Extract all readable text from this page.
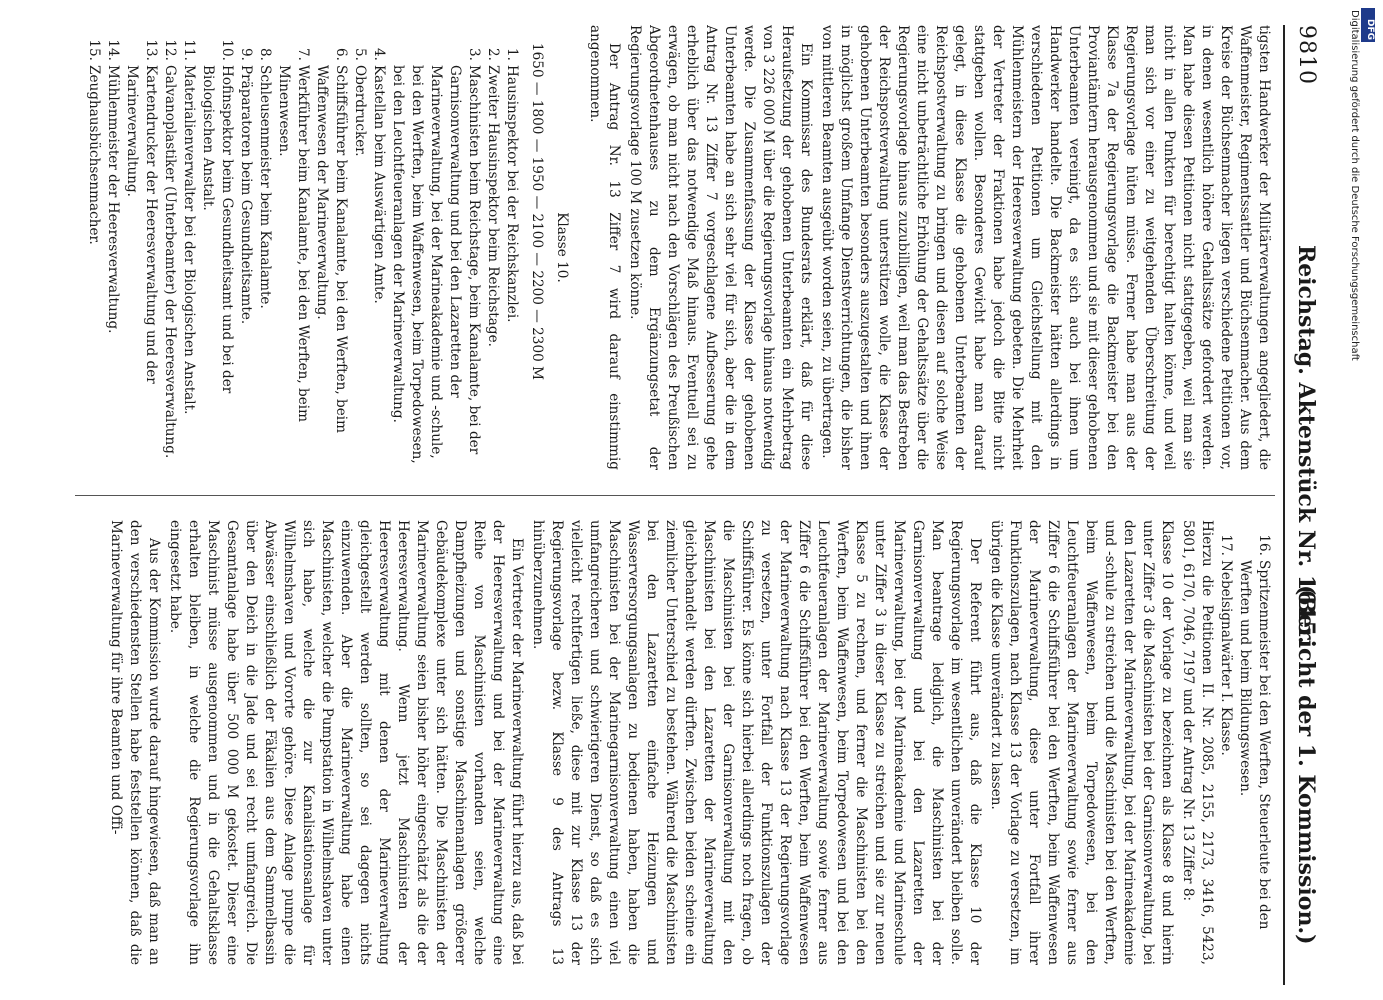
9810
Reichstag. Aktenstück Nr. 1615.
(Bericht der 1. Kommission.)

tigsten Handwerker der Militärverwaltungen angegliedert, die Waffenmeister, Regimentssattler und Büchsenmacher. Aus dem Kreise der Büchsenmacher liegen verschiedene Petitionen vor, in denen wesentlich höhere Gehaltssätze gefordert werden. Man habe diesen Petitionen nicht stattgegeben, weil man sie nicht in allen Punkten für berechtigt halten könne, und weil man sich vor einer zu weitgehenden Überschreitung der Regierungsvorlage hüten müsse. Ferner habe man aus der Klasse 7a der Regierungsvorlage die Backmeister bei den Proviantämtern herausgenommen und sie mit dieser gehobenen Unterbeamten vereinigt, da es sich auch bei ihnen um Handwerker handelte. Die Backmeister hätten allerdings in verschiedenen Petitionen um Gleichstellung mit den Mühlenmeistern der Heeresverwaltung gebeten. Die Mehrheit der Vertreter der Fraktionen habe jedoch die Bitte nicht stattgeben wollen. Besonderes Gewicht habe man darauf gelegt, in diese Klasse die gehobenen Unterbeamten der Reichspostverwaltung zu bringen und diesen auf solche Weise eine nicht unbeträchtliche Erhöhung der Gehaltssätze über die Regierungsvorlage hinaus zuzubilligen, weil man das Bestreben der Reichspostverwaltung unterstützen wolle, die Klasse der gehobenen Unterbeamten besonders auszugestalten und ihnen in möglichst großem Umfange Dienstverrichtungen, die bisher von mittleren Beamten ausgeübt worden seien, zu übertragen.

Ein Kommissar des Bundesrats erklärt, daß für diese Heraufsetzung der gehobenen Unterbeamten ein Mehrbetrag von 3 226 000 M über die Regierungsvorlage hinaus notwendig werde. Die Zusammenfassung der Klasse der gehobenen Unterbeamten habe an sich sehr viel für sich, aber die in dem Antrag Nr. 13 Ziffer 7 vorgeschlagene Aufbesserung gehe erheblich über das notwendige Maß hinaus. Eventuell sei zu erwägen, ob man nicht nach den Vorschlägen des Preußischen Abgeordnetenhauses zu dem Ergänzungsetat der Regierungsvorlage 100 M zusetzen könne.

Der Antrag Nr. 13 Ziffer 7 wird darauf einstimmig angenommen.

Klasse 10.

1650 — 1800 — 1950 — 2100 — 2200 — 2300 M

1.
Hausinspektor bei der Reichskanzlei.
2.
Zweiter Hausinspektor beim Reichstage.
3.
Maschinisten beim Reichstage, beim Kanalamte, bei der Garnisonverwaltung und bei den Lazaretten der Marineverwaltung, bei der Marineakademie und -schule, bei den Werften, beim Waffenwesen, beim Torpedowesen, bei den Leuchtfeueranlagen der Marineverwaltung.
4.
Kastellan beim Auswärtigen Amte.
5.
Oberdrucker.
6.
Schiffsführer beim Kanalamte, bei den Werften, beim Waffenwesen der Marineverwaltung.
7.
Werkführer beim Kanalamte, bei den Werften, beim Minenwesen.
8.
Schleusenmeister beim Kanalamte.
9.
Präparatoren beim Gesundheitsamte.
10.
Hofinspektor beim Gesundheitsamt und bei der Biologischen Anstalt.
11.
Materialienverwalter bei der Biologischen Anstalt.
12.
Galvanoplastiker (Unterbeamter) der Heeresverwaltung.
13.
Kartendrucker der Heeresverwaltung und der Marineverwaltung.
14.
Mühlenmeister der Heeresverwaltung.
15.
Zeughausbüchsenmacher.
16.
Spritzenmeister bei den Werften, Steuerleute bei den Werften und beim Bildungswesen.
17.
Nebelsignalwärter I. Klasse.

Hierzu die Petitionen II. Nr. 2085, 2155, 2173, 3416, 5423, 5801, 6170, 7046, 7197 und der Antrag Nr. 13 Ziffer 8:

Klasse 10 der Vorlage zu bezeichnen als Klasse 8 und hierin unter Ziffer 3 die Maschinisten bei der Garnisonverwaltung, bei den Lazaretten der Marineverwaltung, bei der Marineakademie und -schule zu streichen und die Maschinisten bei den Werften, beim Waffenwesen, beim Torpedowesen, bei den Leuchtfeueranlagen der Marineverwaltung sowie ferner aus Ziffer 6 die Schiffsführer bei den Werften, beim Waffenwesen der Marineverwaltung, diese unter Fortfall ihrer Funktionszulagen, nach Klasse 13 der Vorlage zu versetzen, im übrigen die Klasse unverändert zu lassen.

Der Referent führt aus, daß die Klasse 10 der Regierungsvorlage im wesentlichen unverändert bleiben solle. Man beantrage lediglich, die Maschinisten bei der Garnisonverwaltung und bei den Lazaretten der Marineverwaltung, bei der Marineakademie und Marineschule unter Ziffer 3 in dieser Klasse zu streichen und sie zur neuen Klasse 5 zu rechnen, und ferner die Maschinisten bei den Werften, beim Waffenwesen, beim Torpedowesen und bei den Leuchtfeueranlagen der Marineverwaltung sowie ferner aus Ziffer 6 die Schiffsführer bei den Werften, beim Waffenwesen der Marineverwaltung nach Klasse 13 der Regierungsvorlage zu versetzen, unter Fortfall der Funktionszulagen der Schiffsführer. Es könne sich hierbei allerdings noch fragen, ob die Maschinisten bei der Garnisonverwaltung mit den Maschinisten bei den Lazaretten der Marineverwaltung gleichbehandelt werden dürften. Zwischen beiden scheine ein ziemlicher Unterschied zu bestehen. Während die Maschinisten bei den Lazaretten einfache Heizungen und Wasserversorgungsanlagen zu bedienen haben, haben die Maschinisten bei der Marinegarnisonverwaltung einen viel umfangreicheren und schwierigeren Dienst, so daß es sich vielleicht rechtfertigen ließe, diese mit zur Klasse 13 der Regierungsvorlage bezw. Klasse 9 des Antrags 13 hinüberzunehmen.

Ein Vertreter der Marineverwaltung führt hierzu aus, daß bei der Heeresverwaltung und bei der Marineverwaltung eine Reihe von Maschinisten vorhanden seien, welche Dampfheizungen und sonstige Maschinenanlagen größerer Gebäudekomplexe unter sich hätten. Die Maschinisten der Marineverwaltung seien bisher höher eingeschätzt als die der Heeresverwaltung. Wenn jetzt Maschinisten der Heeresverwaltung mit denen der Marineverwaltung gleichgestellt werden sollten, so sei dagegen nichts einzuwenden. Aber die Marineverwaltung habe einen Maschinisten, welcher die Pumpstation in Wilhelmshaven unter sich habe, welche die zur Kanalisationsanlage für Wilhelmshaven und Vororte gehöre. Diese Anlage pumpe die Abwässer einschließlich der Fäkalien aus dem Sammelbassin über den Deich in die Jade und sei recht umfangreich. Die Gesamtanlage habe über 500 000 M gekostet. Dieser eine Maschinist müsse ausgenommen und in die Gehaltsklasse erhalten bleiben, in welche die Regierungsvorlage ihn eingesetzt habe.

Aus der Kommission wurde darauf hingewiesen, daß man an den verschiedensten Stellen habe feststellen können, daß die Marineverwaltung für ihre Beamten und Offi-

Digitalisierung gefördert durch die Deutsche Forschungsgemeinschaft DFG
